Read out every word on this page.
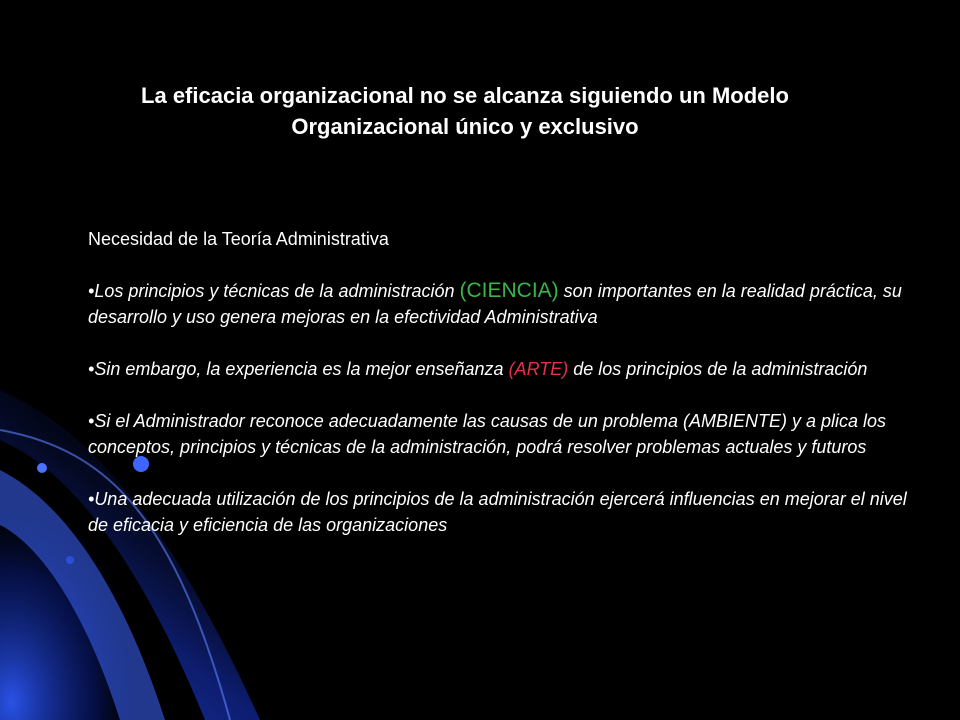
La eficacia organizacional no se alcanza siguiendo un Modelo
Organizacional único y exclusivo
Necesidad de la Teoría Administrativa
•Los principios y técnicas de la administración (CIENCIA) son importantes en la realidad práctica, su desarrollo y uso genera mejoras en la efectividad Administrativa
•Sin embargo, la experiencia es la mejor enseñanza (ARTE) de los principios de la administración
•Si el Administrador reconoce adecuadamente las causas de un problema (AMBIENTE) y a plica los conceptos, principios y técnicas de la administración, podrá resolver problemas actuales y futuros
•Una adecuada utilización de los principios de la administración ejercerá influencias en mejorar el nivel de eficacia y eficiencia de las organizaciones
